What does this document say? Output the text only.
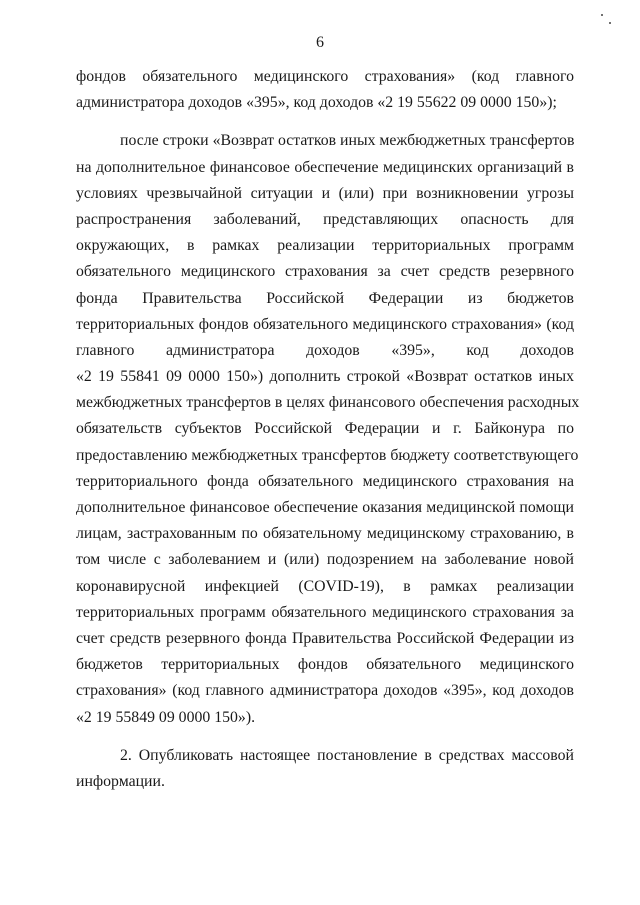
6
фондов обязательного медицинского страхования» (код главного
администратора доходов «395», код доходов «2 19 55622 09 0000 150»);
после строки «Возврат остатков иных межбюджетных трансфертов
на дополнительное финансовое обеспечение медицинских организаций в
условиях чрезвычайной ситуации и (или) при возникновении угрозы
распространения заболеваний, представляющих опасность для
окружающих, в рамках реализации территориальных программ
обязательного медицинского страхования за счет средств резервного
фонда Правительства Российской Федерации из бюджетов
территориальных фондов обязательного медицинского страхования» (код
главного администратора доходов «395», код доходов
«2 19 55841 09 0000 150») дополнить строкой «Возврат остатков иных
межбюджетных трансфертов в целях финансового обеспечения расходных
обязательств субъектов Российской Федерации и г. Байконура по
предоставлению межбюджетных трансфертов бюджету соответствующего
территориального фонда обязательного медицинского страхования на
дополнительное финансовое обеспечение оказания медицинской помощи
лицам, застрахованным по обязательному медицинскому страхованию, в
том числе с заболеванием и (или) подозрением на заболевание новой
коронавирусной инфекцией (COVID-19), в рамках реализации
территориальных программ обязательного медицинского страхования за
счет средств резервного фонда Правительства Российской Федерации из
бюджетов территориальных фондов обязательного медицинского
страхования» (код главного администратора доходов «395», код доходов
«2 19 55849 09 0000 150»).
2. Опубликовать настоящее постановление в средствах массовой
информации.
